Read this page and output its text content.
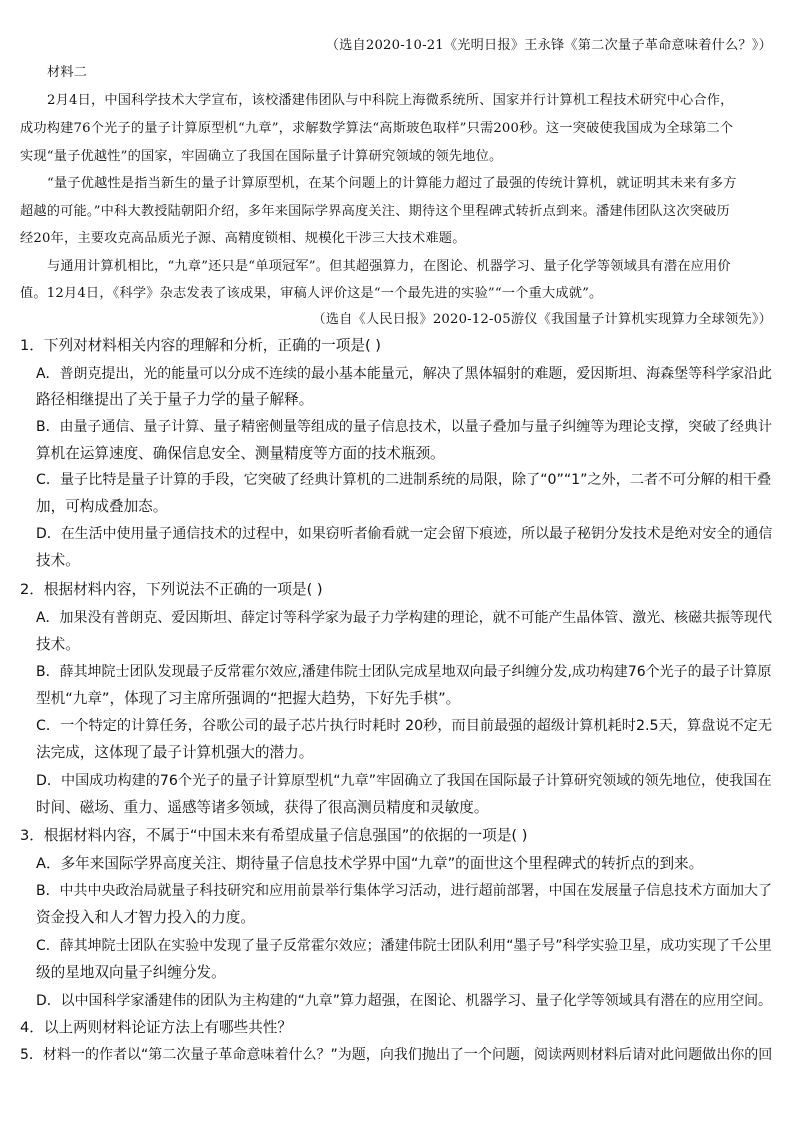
（选自2020-10-21《光明日报》王永锋《第二次量子革命意味着什么？》）
材料二
2月4日，中国科学技术大学宣布，该校潘建伟团队与中科院上海微系统所、国家并行计算机工程技术研究中心合作，
成功构建76个光子的量子计算原型机“九章”，求解数学算法“高斯玻色取样”只需200秒。这一突破使我国成为全球第二个
实现“量子优越性”的国家，牢固确立了我国在国际量子计算研究领域的领先地位。
“量子优越性是指当新生的量子计算原型机，在某个问题上的计算能力超过了最强的传统计算机，就证明其未来有多方
超越的可能。”中科大教授陆朝阳介绍，多年来国际学界高度关注、期待这个里程碑式转折点到来。潘建伟团队这次突破历
经20年，主要攻克高品质光子源、高精度锁相、规模化干涉三大技术难题。
与通用计算机相比，“九章”还只是“单项冠军”。但其超强算力，在图论、机器学习、量子化学等领域具有潜在应用价
值。12月4日，《科学》杂志发表了该成果，审稿人评价这是“一个最先进的实验”“一个重大成就”。
（选自《人民日报》2020-12-05游仪《我国量子计算机实现算力全球领先》）
1．下列对材料相关内容的理解和分析，正确的一项是( )
A．普朗克提出，光的能量可以分成不连续的最小基本能量元，解决了黑体辐射的难题，爱因斯坦、海森堡等科学家沿此
路径相继提出了关于量子力学的量子解释。
B．由量子通信、量子计算、量子精密侧量等组成的量子信息技术，以量子叠加与量子纠缠等为理论支撑，突破了经典计
算机在运算速度、确保信息安全、测量精度等方面的技术瓶颈。
C．量子比特是量子计算的手段，它突破了经典计算机的二进制系统的局限，除了“0”“1”之外，二者不可分解的相干叠
加，可构成叠加态。
D．在生活中使用量子通信技术的过程中，如果窃听者偷看就一定会留下痕迹，所以最子秘钥分发技术是绝对安全的通信
技术。
2．根据材料内容，下列说法不正确的一项是( )
A．加果没有普朗克、爱因斯坦、薛定讨等科学家为最子力学构建的理论，就不可能产生晶体管、激光、核磁共振等现代
技术。
B．薛其坤院士团队发现最子反常霍尔效应,潘建伟院士团队完成星地双向最子纠缠分发,成功构建76个光子的最子计算原
型机“九章”，体现了习主席所强调的“把握大趋势，下好先手棋”。
C．一个特定的计算任务，谷歌公司的最子芯片执行时耗时 20秒，而目前最强的超级计算机耗时2.5天，算盘说不定无
法完成，这体现了最子计算机强大的潜力。
D．中国成功构建的76个光子的量子计算原型机“九章”牢固确立了我国在国际最子计算研究领域的领先地位，使我国在
时间、磁场、重力、遥感等诸多领域，获得了很高测员精度和灵敏度。
3．根据材料内容，不属于“中国未来有希望成量子信息强国”的依据的一项是( )
A．多年来国际学界高度关注、期待量子信息技术学界中国“九章”的面世这个里程碑式的转折点的到来。
B．中共中央政治局就量子科技研究和应用前景举行集体学习活动，进行超前部署，中国在发展量子信息技术方面加大了
资金投入和人才智力投入的力度。
C．薛其坤院士团队在实验中发现了量子反常霍尔效应；潘建伟院士团队利用“墨子号”科学实验卫星，成功实现了千公里
级的星地双向量子纠缠分发。
D．以中国科学家潘建伟的团队为主构建的“九章”算力超强，在图论、机器学习、量子化学等领域具有潜在的应用空间。
4．以上两则材料论证方法上有哪些共性？
5．材料一的作者以“第二次量子革命意味着什么？”为题，向我们抛出了一个问题，阅读两则材料后请对此问题做出你的回
